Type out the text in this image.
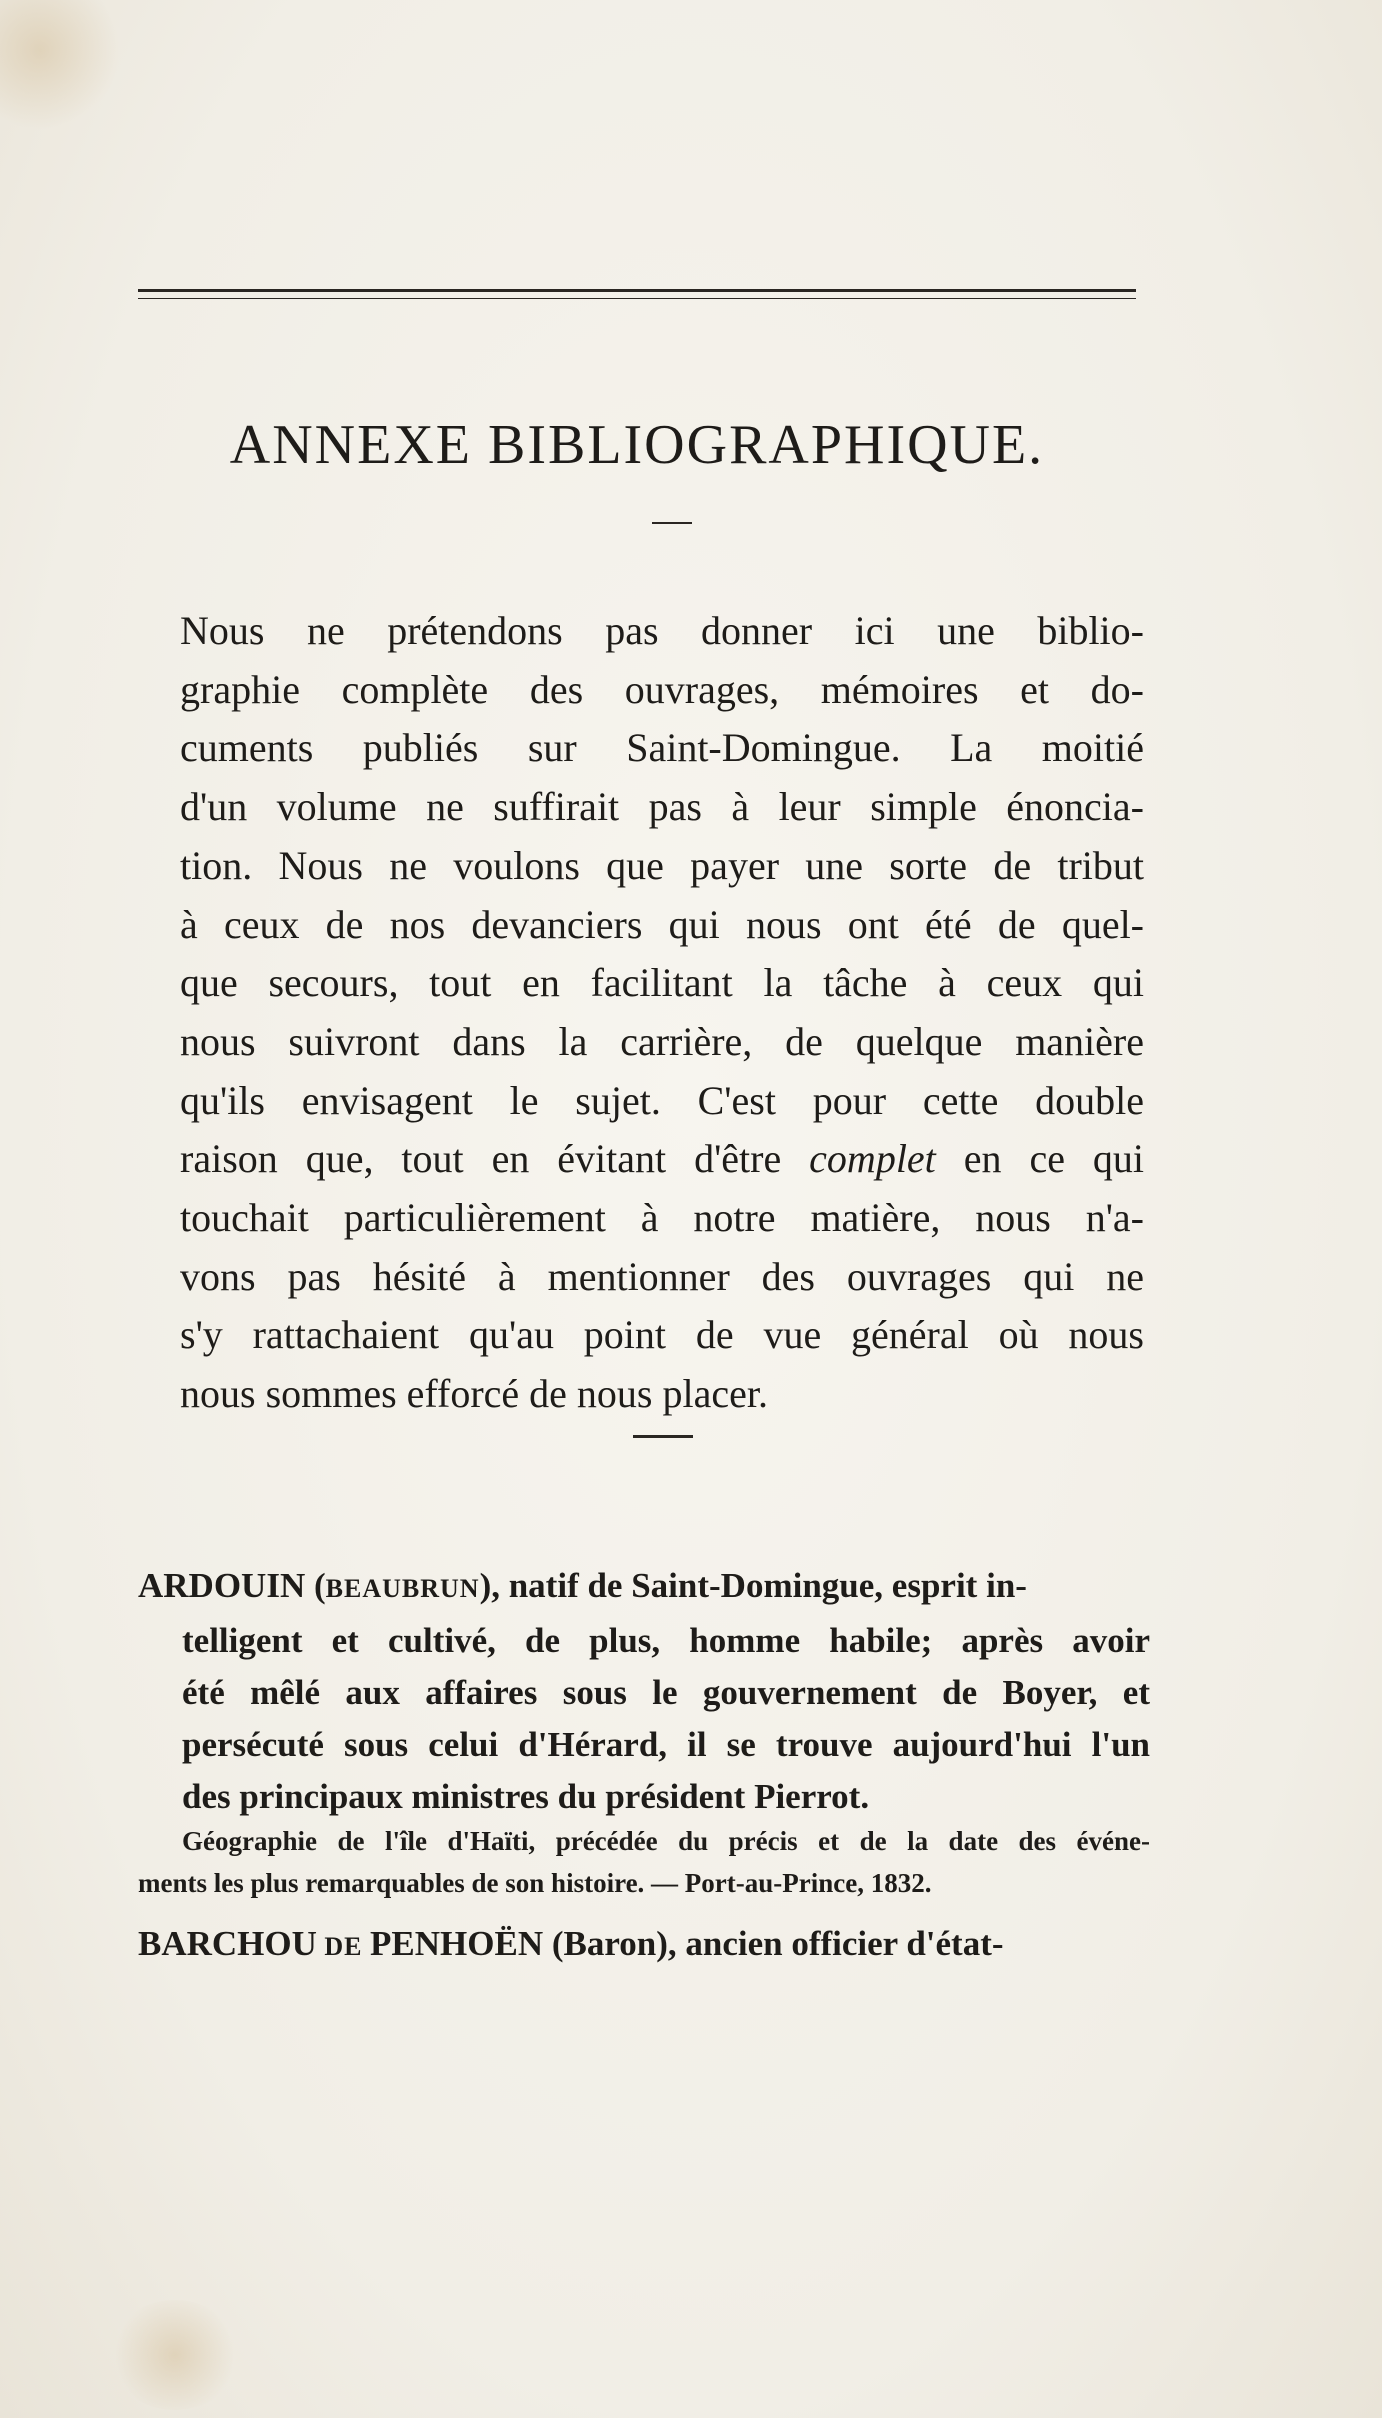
ANNEXE BIBLIOGRAPHIQUE.

Nous ne prétendons pas donner ici une biblio-

graphie complète des ouvrages, mémoires et do-

cuments publiés sur Saint-Domingue. La moitié

d'un volume ne suffirait pas à leur simple énoncia-

tion. Nous ne voulons que payer une sorte de tribut

à ceux de nos devanciers qui nous ont été de quel-

que secours, tout en facilitant la tâche à ceux qui

nous suivront dans la carrière, de quelque manière

qu'ils envisagent le sujet. C'est pour cette double

raison que, tout en évitant d'être complet en ce qui

touchait particulièrement à notre matière, nous n'a-

vons pas hésité à mentionner des ouvrages qui ne

s'y rattachaient qu'au point de vue général où nous

nous sommes efforcé de nous placer.

ARDOUIN (BEAUBRUN), natif de Saint-Domingue, esprit in-
telligent et cultivé, de plus, homme habile; après avoir
été mêlé aux affaires sous le gouvernement de Boyer, et
persécuté sous celui d'Hérard, il se trouve aujourd'hui l'un
des principaux ministres du président Pierrot.
Géographie de l'île d'Haïti, précédée du précis et de la date des événe-
ments les plus remarquables de son histoire. — Port-au-Prince, 1832.
BARCHOU DE PENHOËN (Baron), ancien officier d'état-
